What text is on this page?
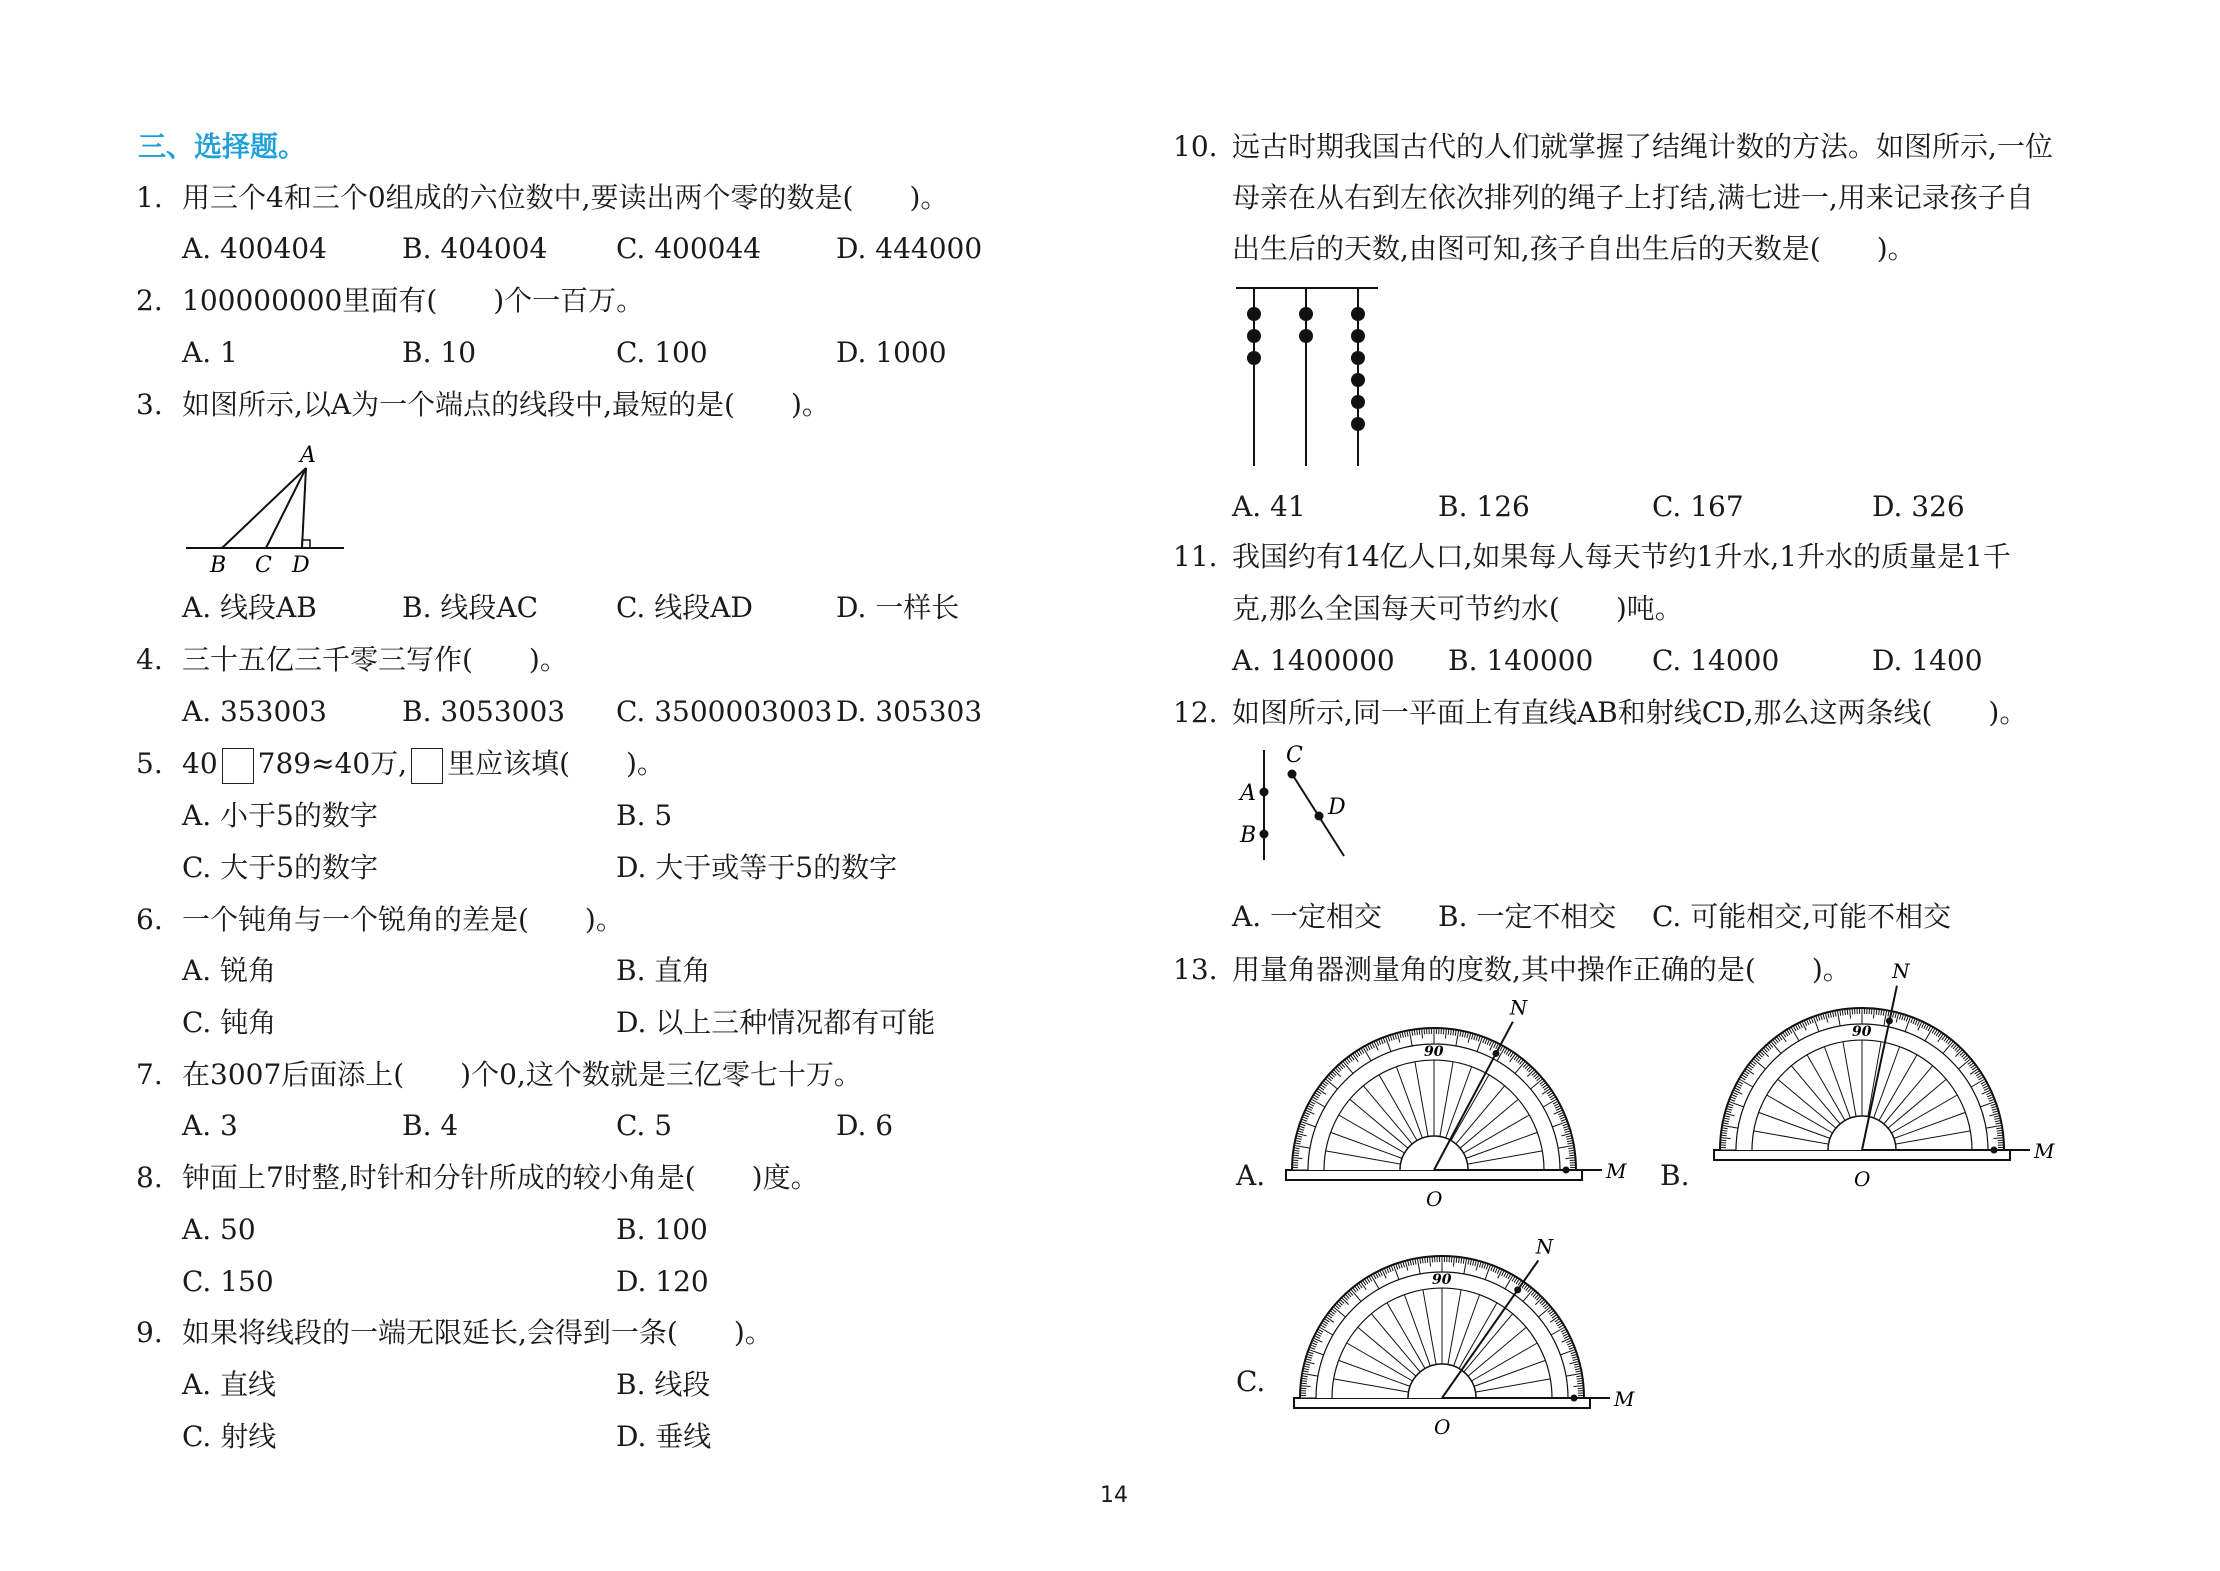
三、选择题。
1. 用三个4和三个0组成的六位数中,要读出两个零的数是(　　)。
A. 400404	B. 404004 C. 400044	D. 444000
2. 100000000里面有(　　)个一百万。
A. 1	B. 10	C. 100	D. 1000
3. 如图所示,以A为一个端点的线段中,最短的是(　　)。
A
B C D
A. 线段AB	B. 线段AC	C. 线段AD	D. 一样长
4. 三十五亿三千零三写作(　　)。
A. 353003	B. 3053003 C. 3500003003 D. 305303
5. 40 789≈40万, 里应该填(　　)。
A. 小于5的数字	B. 5
C. 大于5的数字	D. 大于或等于5的数字
6. 一个钝角与一个锐角的差是(　　)。
A. 锐角	B. 直角
C. 钝角	D. 以上三种情况都有可能
7. 在3007后面添上(　　)个0,这个数就是三亿零七十万。
A. 3	B. 4	C. 5	D. 6
8. 钟面上7时整,时针和分针所成的较小角是(　　)度。
A. 50	B. 100
C. 150	D. 120
9. 如果将线段的一端无限延长,会得到一条(　　)。
A. 直线	B. 线段
C. 射线	D. 垂线
10. 远古时期我国古代的人们就掌握了结绳计数的方法。如图所示,一位
母亲在从右到左依次排列的绳子上打结,满七进一,用来记录孩子自
出生后的天数,由图可知,孩子自出生后的天数是(　　)。
A. 41	B. 126	C. 167	D. 326
11. 我国约有14亿人口,如果每人每天节约1升水,1升水的质量是1千
克,那么全国每天可节约水(　　)吨。
A. 1400000 B. 140000 C. 14000	D. 1400
12. 如图所示,同一平面上有直线AB和射线CD,那么这两条线(　　)。
A
B
C
D
A. 一定相交 B. 一定不相交 C. 可能相交,可能不相交
13. 用量角器测量角的度数,其中操作正确的是(　　)。
A.
90
N
M
O
B.
90
N
M
O
C.
90
N
M
O
14
